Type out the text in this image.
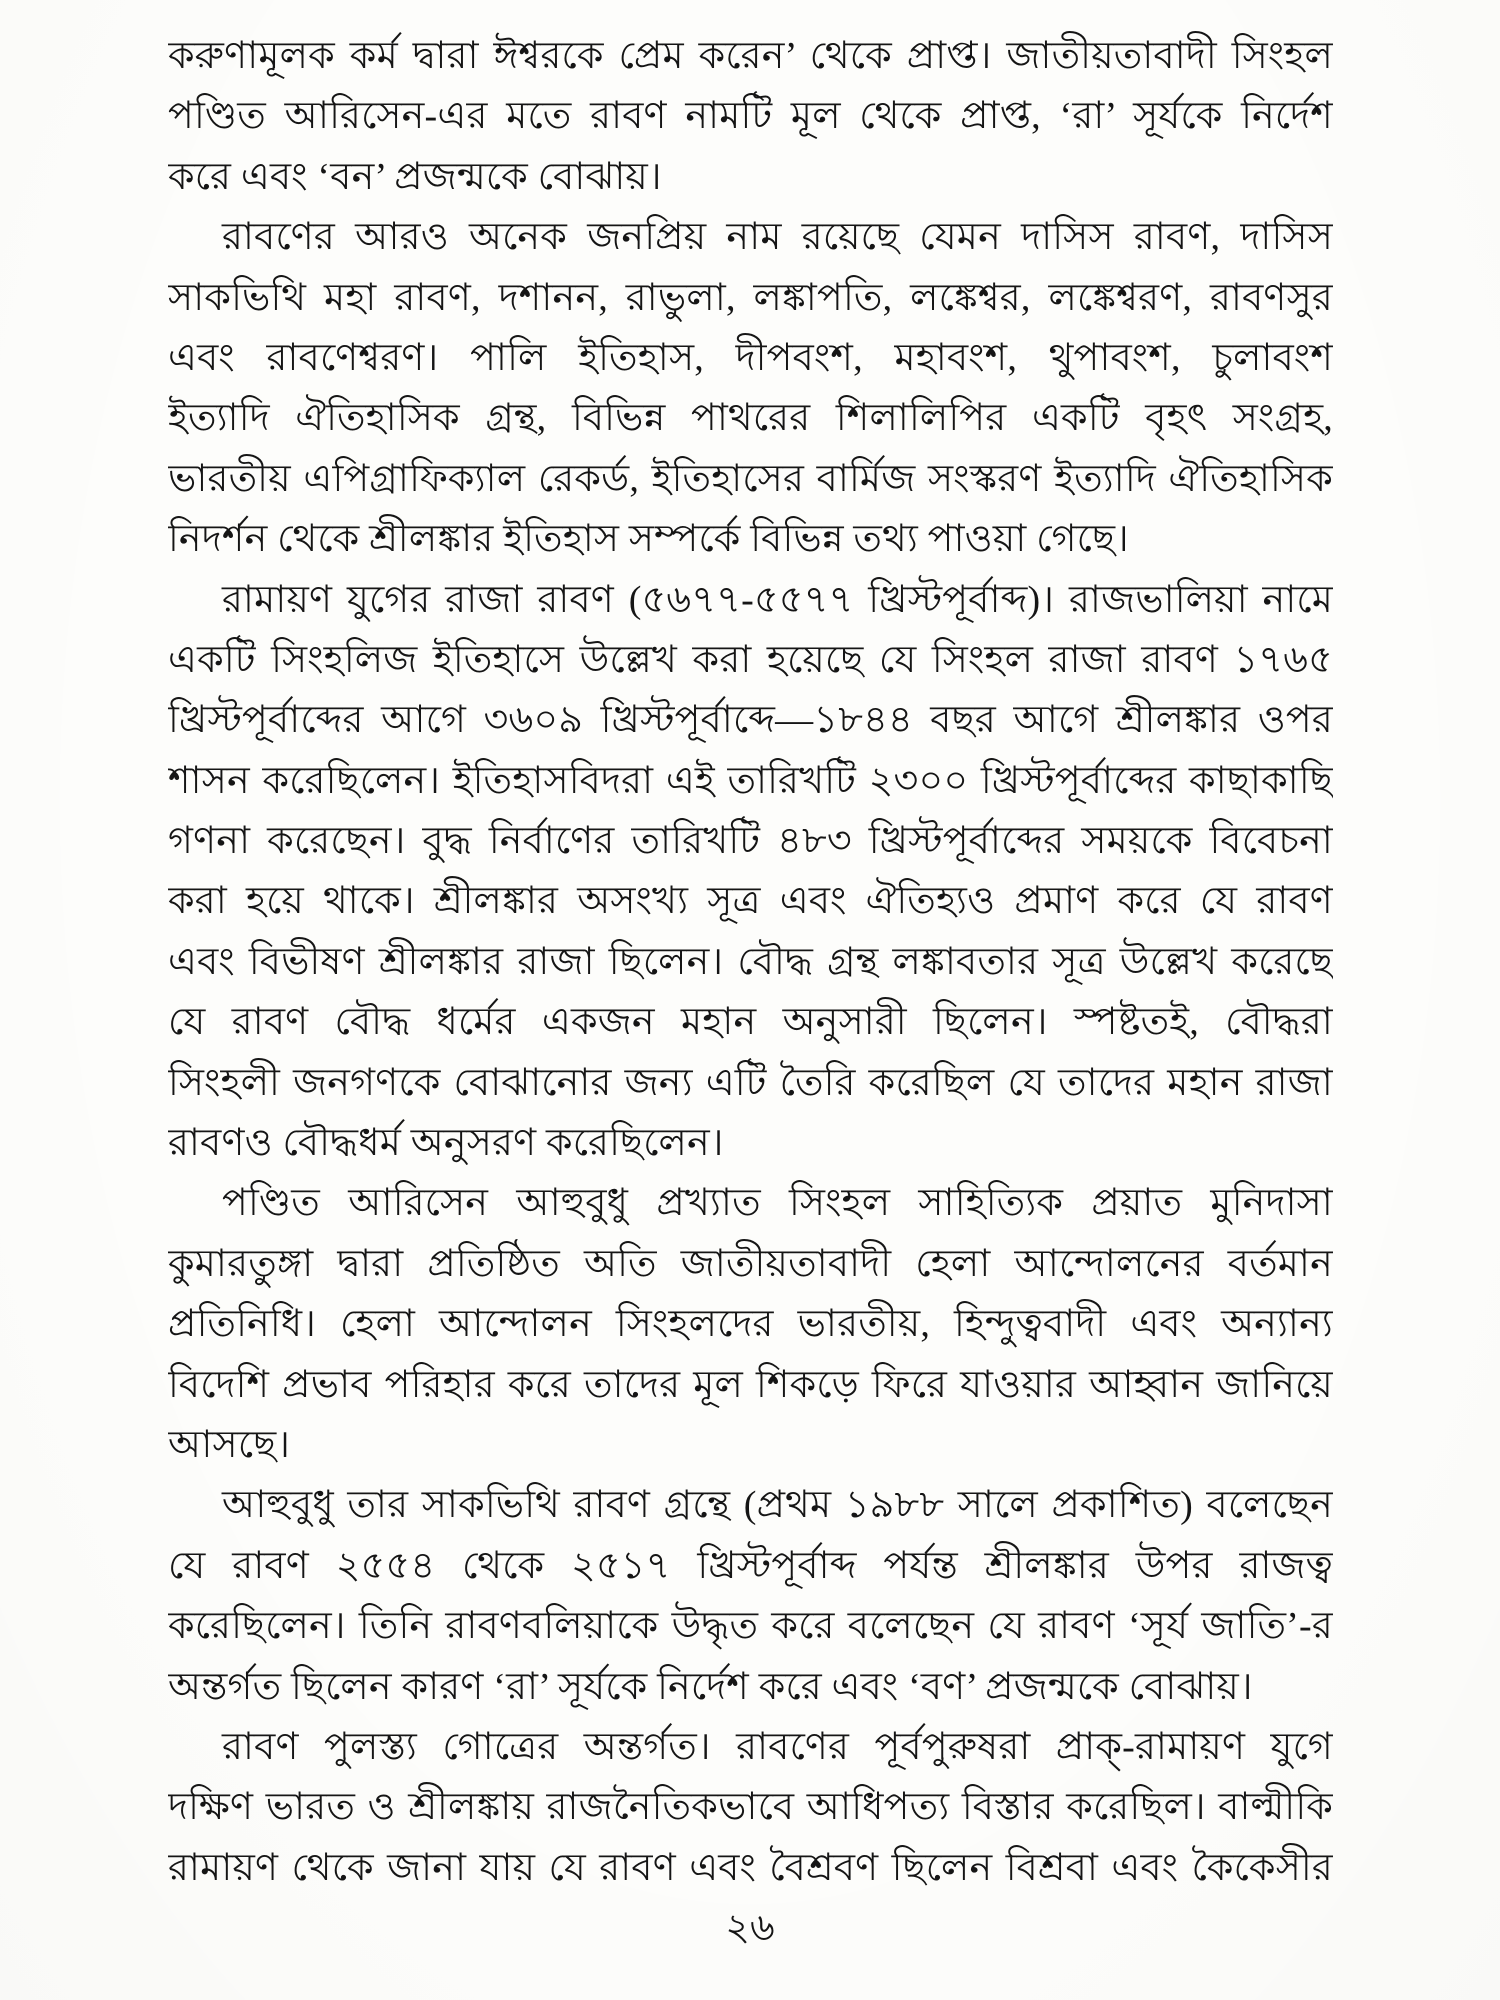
করুণামূলক কর্ম দ্বারা ঈশ্বরকে প্রেম করেন’ থেকে প্রাপ্ত। জাতীয়তাবাদী সিংহল
পণ্ডিত আরিসেন-এর মতে রাবণ নামটি মূল থেকে প্রাপ্ত, ‘রা’ সূর্যকে নির্দেশ
করে এবং ‘বন’ প্রজন্মকে বোঝায়।
রাবণের আরও অনেক জনপ্রিয় নাম রয়েছে যেমন দাসিস রাবণ, দাসিস
সাকভিথি মহা রাবণ, দশানন, রাভুলা, লঙ্কাপতি, লঙ্কেশ্বর, লঙ্কেশ্বরণ, রাবণসুর
এবং রাবণেশ্বরণ। পালি ইতিহাস, দীপবংশ, মহাবংশ, থুপাবংশ, চুলাবংশ
ইত্যাদি ঐতিহাসিক গ্রন্থ, বিভিন্ন পাথরের শিলালিপির একটি বৃহৎ সংগ্রহ,
ভারতীয় এপিগ্রাফিক্যাল রেকর্ড, ইতিহাসের বার্মিজ সংস্করণ ইত্যাদি ঐতিহাসিক
নিদর্শন থেকে শ্রীলঙ্কার ইতিহাস সম্পর্কে বিভিন্ন তথ্য পাওয়া গেছে।
রামায়ণ যুগের রাজা রাবণ (৫৬৭৭-৫৫৭৭ খ্রিস্টপূর্বাব্দ)। রাজভালিয়া নামে
একটি সিংহলিজ ইতিহাসে উল্লেখ করা হয়েছে যে সিংহল রাজা রাবণ ১৭৬৫
খ্রিস্টপূর্বাব্দের আগে ৩৬০৯ খ্রিস্টপূর্বাব্দে—১৮৪৪ বছর আগে শ্রীলঙ্কার ওপর
শাসন করেছিলেন। ইতিহাসবিদরা এই তারিখটি ২৩০০ খ্রিস্টপূর্বাব্দের কাছাকাছি
গণনা করেছেন। বুদ্ধ নির্বাণের তারিখটি ৪৮৩ খ্রিস্টপূর্বাব্দের সময়কে বিবেচনা
করা হয়ে থাকে। শ্রীলঙ্কার অসংখ্য সূত্র এবং ঐতিহ্যও প্রমাণ করে যে রাবণ
এবং বিভীষণ শ্রীলঙ্কার রাজা ছিলেন। বৌদ্ধ গ্রন্থ লঙ্কাবতার সূত্র উল্লেখ করেছে
যে রাবণ বৌদ্ধ ধর্মের একজন মহান অনুসারী ছিলেন। স্পষ্টতই, বৌদ্ধরা
সিংহলী জনগণকে বোঝানোর জন্য এটি তৈরি করেছিল যে তাদের মহান রাজা
রাবণও বৌদ্ধধর্ম অনুসরণ করেছিলেন।
পণ্ডিত আরিসেন আহুবুধু প্রখ্যাত সিংহল সাহিত্যিক প্রয়াত মুনিদাসা
কুমারতুঙ্গা দ্বারা প্রতিষ্ঠিত অতি জাতীয়তাবাদী হেলা আন্দোলনের বর্তমান
প্রতিনিধি। হেলা আন্দোলন সিংহলদের ভারতীয়, হিন্দুত্ববাদী এবং অন্যান্য
বিদেশি প্রভাব পরিহার করে তাদের মূল শিকড়ে ফিরে যাওয়ার আহ্বান জানিয়ে
আসছে।
আহুবুধু তার সাকভিথি রাবণ গ্রন্থে (প্রথম ১৯৮৮ সালে প্রকাশিত) বলেছেন
যে রাবণ ২৫৫৪ থেকে ২৫১৭ খ্রিস্টপূর্বাব্দ পর্যন্ত শ্রীলঙ্কার উপর রাজত্ব
করেছিলেন। তিনি রাবণবলিয়াকে উদ্ধৃত করে বলেছেন যে রাবণ ‘সূর্য জাতি’-র
অন্তর্গত ছিলেন কারণ ‘রা’ সূর্যকে নির্দেশ করে এবং ‘বণ’ প্রজন্মকে বোঝায়।
রাবণ পুলস্ত্য গোত্রের অন্তর্গত। রাবণের পূর্বপুরুষরা প্রাক্‌-রামায়ণ যুগে
দক্ষিণ ভারত ও শ্রীলঙ্কায় রাজনৈতিকভাবে আধিপত্য বিস্তার করেছিল। বাল্মীকি
রামায়ণ থেকে জানা যায় যে রাবণ এবং বৈশ্রবণ ছিলেন বিশ্রবা এবং কৈকেসীর
২৬
